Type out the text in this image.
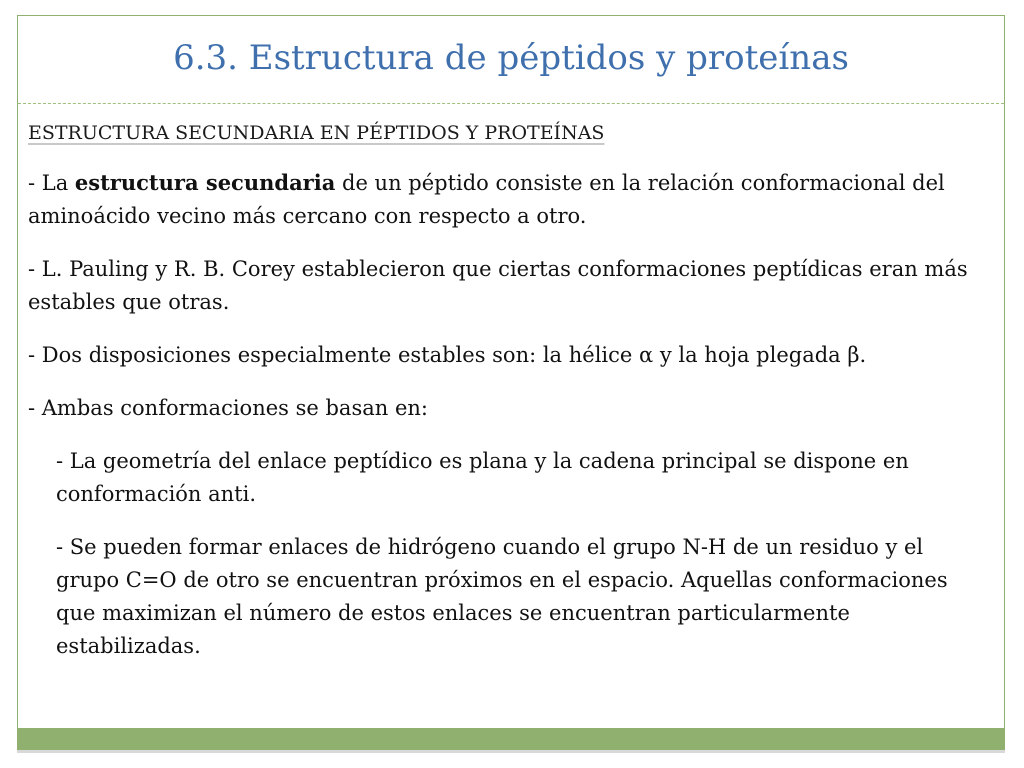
6.3. Estructura de péptidos y proteínas
ESTRUCTURA SECUNDARIA EN PÉPTIDOS Y PROTEÍNAS
- La estructura secundaria de un péptido consiste en la relación conformacional del aminoácido vecino más cercano con respecto a otro.
- L. Pauling y R. B. Corey establecieron que ciertas conformaciones peptídicas eran más estables que otras.
- Dos disposiciones especialmente estables son: la hélice α y la hoja plegada β.
- Ambas conformaciones se basan en:
- La geometría del enlace peptídico es plana y la cadena principal se dispone en conformación anti.
- Se pueden formar enlaces de hidrógeno cuando el grupo N-H de un residuo y el grupo C=O de otro se encuentran próximos en el espacio. Aquellas conformaciones que maximizan el número de estos enlaces se encuentran particularmente estabilizadas.
